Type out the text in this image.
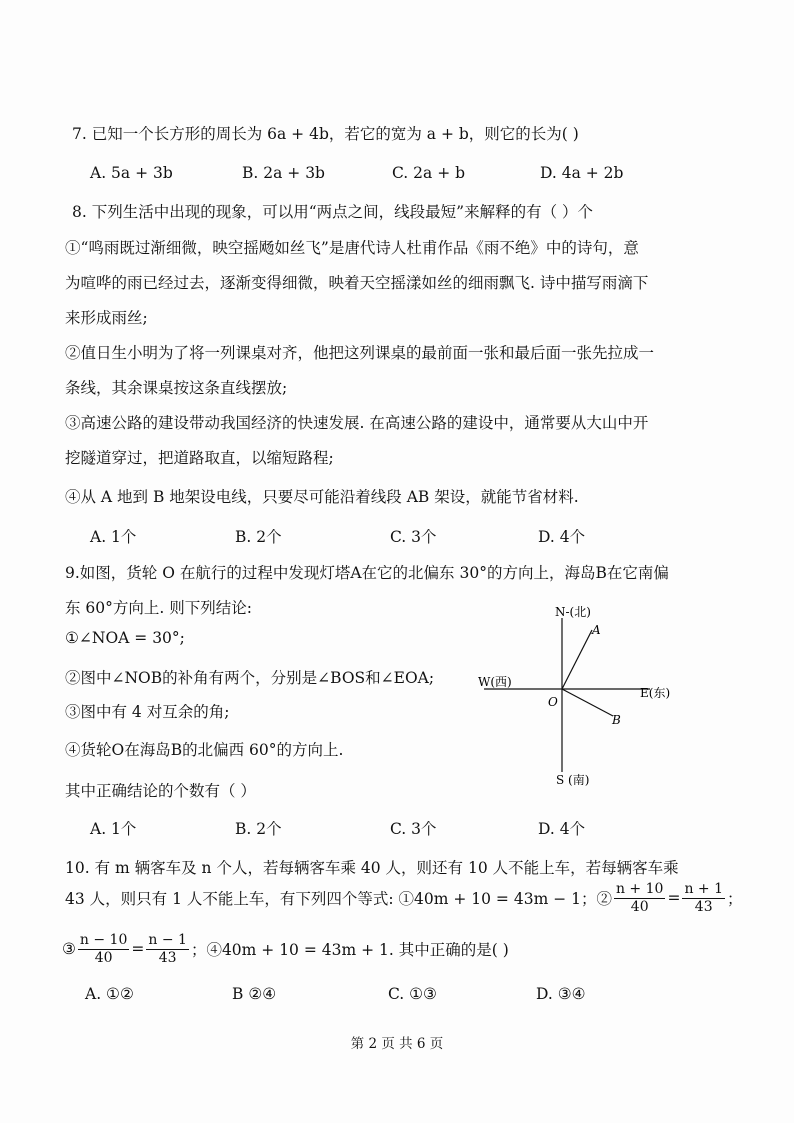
7. 已知一个长方形的周长为 6a + 4b，若它的宽为 a + b，则它的长为( )
A. 5a + 3b	B. 2a + 3b	C. 2a + b	D. 4a + 2b
8. 下列生活中出现的现象，可以用“两点之间，线段最短”来解释的有（ ）个
①“鸣雨既过渐细微，映空摇飏如丝飞”是唐代诗人杜甫作品《雨不绝》中的诗句，意
为喧哗的雨已经过去，逐渐变得细微，映着天空摇漾如丝的细雨飘飞. 诗中描写雨滴下
来形成雨丝;
②值日生小明为了将一列课桌对齐，他把这列课桌的最前面一张和最后面一张先拉成一
条线，其余课桌按这条直线摆放;
③高速公路的建设带动我国经济的快速发展. 在高速公路的建设中，通常要从大山中开
挖隧道穿过，把道路取直，以缩短路程;
④从 A 地到 B 地架设电线，只要尽可能沿着线段 AB 架设，就能节省材料.
A. 1个	B. 2个	C. 3个	D. 4个
9.如图，货轮 O 在航行的过程中发现灯塔A在它的北偏东 30°的方向上，海岛B在它南偏
东 60°方向上. 则下列结论:
①∠NOA = 30°;
②图中∠NOB的补角有两个，分别是∠BOS和∠EOA;
③图中有 4 对互余的角;
④货轮O在海岛B的北偏西 60°的方向上.
其中正确结论的个数有（ ）
A. 1个	B. 2个	C. 3个	D. 4个
N-(北)
A
W(西)
O
E(东)
B
S (南)
10. 有 m 辆客车及 n 个人，若每辆客车乘 40 人，则还有 10 人不能上车，若每辆客车乘
43 人，则只有 1 人不能上车，有下列四个等式: ①40m + 10 = 43m − 1；② $\frac{n + 10}{40} = \frac{n + 1}{43}$ ；
③ $\frac{n - 10}{40} = \frac{n - 1}{43}$ ；④40m + 10 = 43m + 1. 其中正确的是( )
A. ①②	B ②④	C. ①③	D. ③④
第 2 页 共 6 页
